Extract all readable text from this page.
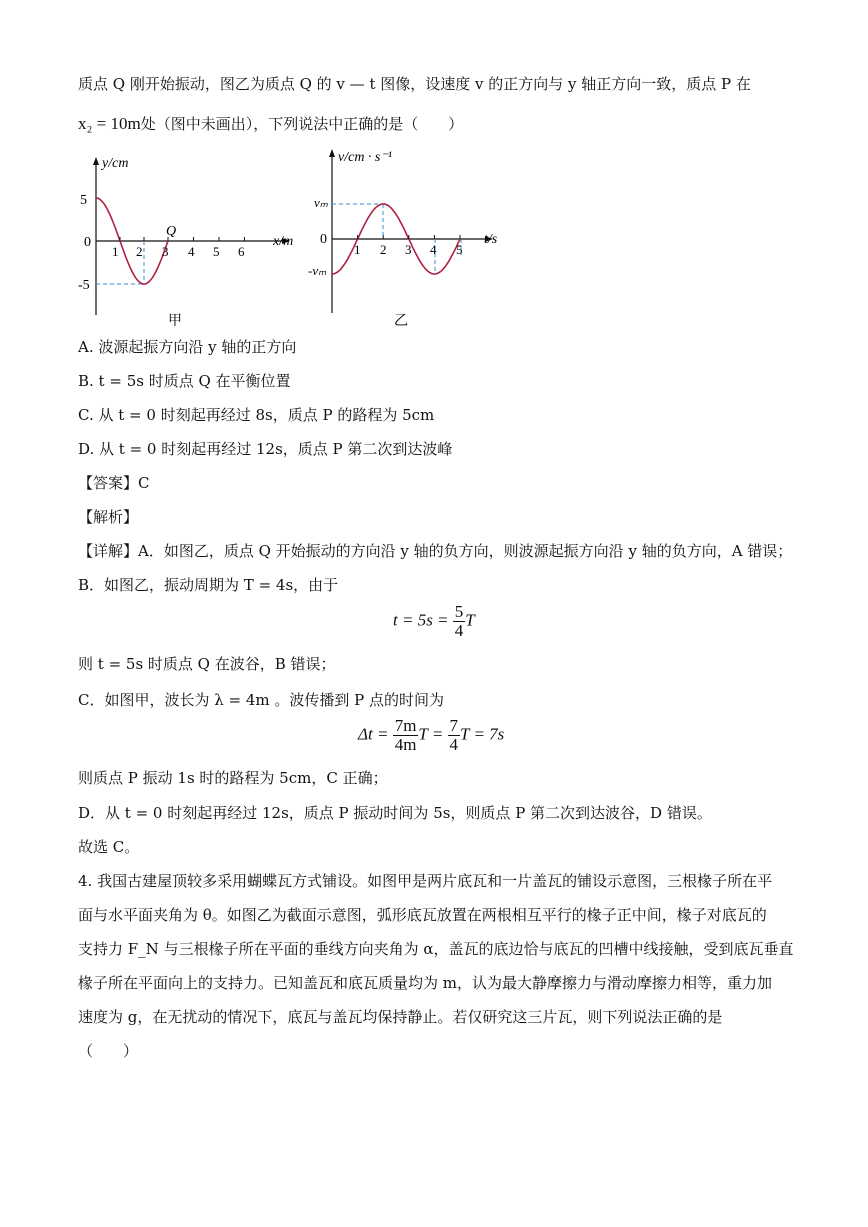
质点 Q 刚开始振动，图乙为质点 Q 的 v — t 图像，设速度 v 的正方向与 y 轴正方向一致，质点 P 在
x₂ = 10m处（图中未画出），下列说法中正确的是（　　）
y/cm
x/m
5
0
-5
1 2 3 4 5 6
Q
甲
v/cm · s⁻¹
t/s
vₘ
0
-vₘ
1 2 3 4 5
乙
A. 波源起振方向沿 y 轴的正方向
B. t = 5s 时质点 Q 在平衡位置
C. 从 t = 0 时刻起再经过 8s，质点 P 的路程为 5cm
D. 从 t = 0 时刻起再经过 12s，质点 P 第二次到达波峰
【答案】C
【解析】
【详解】A．如图乙，质点 Q 开始振动的方向沿 y 轴的负方向，则波源起振方向沿 y 轴的负方向，A 错误；
B．如图乙，振动周期为 T = 4s，由于
$t = 5s = \frac{5}{4}$ T
则 t = 5s 时质点 Q 在波谷，B 错误；
C．如图甲，波长为 λ = 4m 。波传播到 P 点的时间为
$\Delta t = \frac{7m}{4m}$ $T = \frac{7}{4}$ T = 7s
则质点 P 振动 1s 时的路程为 5cm，C 正确；
D．从 t = 0 时刻起再经过 12s，质点 P 振动时间为 5s，则质点 P 第二次到达波谷，D 错误。
故选 C。
4. 我国古建屋顶较多采用蝴蝶瓦方式铺设。如图甲是两片底瓦和一片盖瓦的铺设示意图，三根椽子所在平
面与水平面夹角为 θ。如图乙为截面示意图，弧形底瓦放置在两根相互平行的椽子正中间，椽子对底瓦的
支持力 F_N 与三根椽子所在平面的垂线方向夹角为 α，盖瓦的底边恰与底瓦的凹槽中线接触，受到底瓦垂直
椽子所在平面向上的支持力。已知盖瓦和底瓦质量均为 m，认为最大静摩擦力与滑动摩擦力相等，重力加
速度为 g，在无扰动的情况下，底瓦与盖瓦均保持静止。若仅研究这三片瓦，则下列说法正确的是
（　　）
